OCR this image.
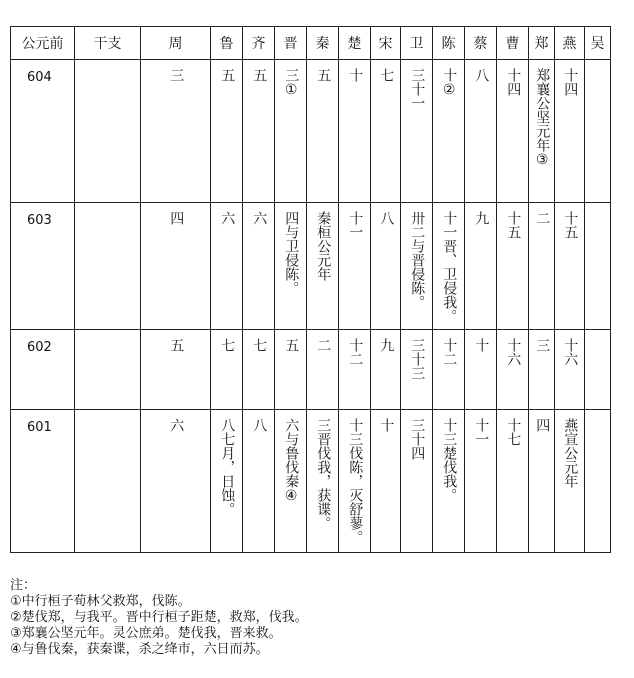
公元前	干支	周	鲁	齐	晋	秦	楚	宋	卫	陈	蔡	曹	郑	燕	吴
604		三	五	五	三①	五	十	七	三十一	十②	八	十四	郑襄公坚元年③	十四	
603		四	六	六	四与卫侵陈。	秦桓公元年	十一	八	卅二与晋侵陈。	十一晋、卫侵我。	九	十五	二	十五	
602		五	七	七	五	二	十二	九	三十三	十二	十	十六	三	十六	
601		六	八七月，日蚀。	八	六与鲁伐秦④	三晋伐我，获谍。	十三伐陈，灭舒蓼。	十	三十四	十三楚伐我。	十一	十七	四	燕宣公元年	
注：
①中行桓子荀林父救郑，伐陈。
②楚伐郑，与我平。晋中行桓子距楚，救郑，伐我。
③郑襄公坚元年。灵公庶弟。楚伐我，晋来救。
④与鲁伐秦，获秦谍，杀之绛市，六日而苏。
